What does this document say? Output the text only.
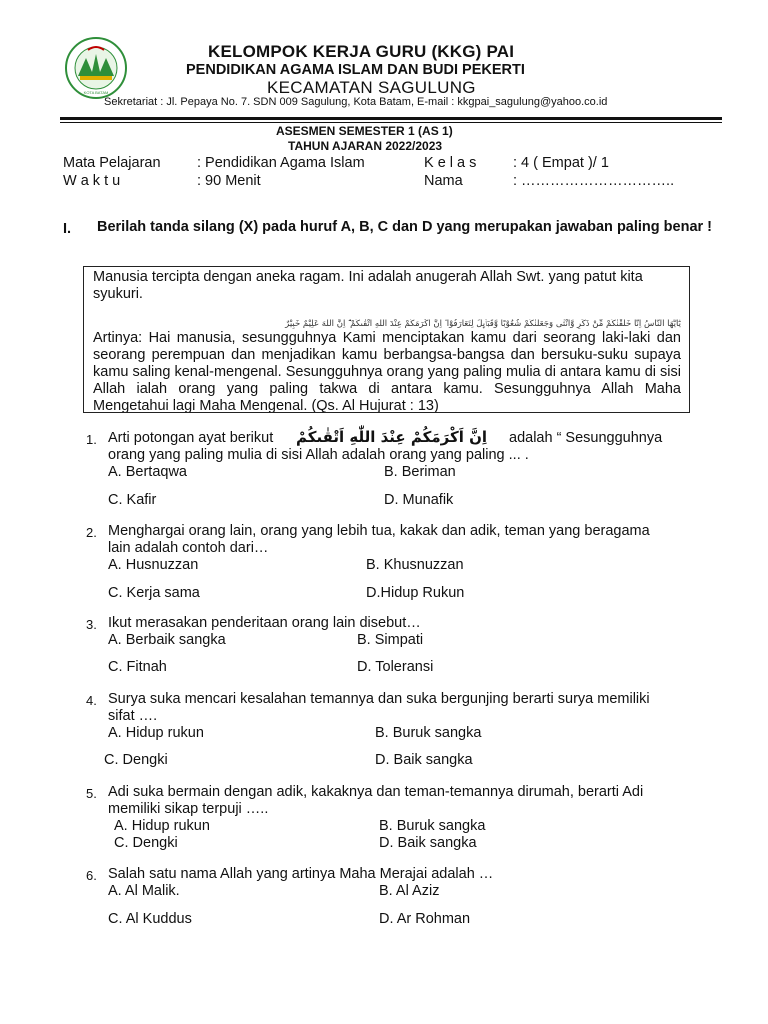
KOTA BATAM
KELOMPOK KERJA GURU (KKG) PAI
PENDIDIKAN AGAMA ISLAM DAN BUDI PEKERTI
KECAMATAN SAGULUNG
Sekretariat : Jl. Pepaya No. 7. SDN 009 Sagulung, Kota Batam, E-mail : kkgpai_sagulung@yahoo.co.id
ASESMEN SEMESTER 1 (AS 1)
TAHUN AJARAN 2022/2023
Mata Pelajaran	: Pendidikan Agama Islam	K e l a s	: 4 ( Empat )/ 1
W a k t u	: 90 Menit	Nama	: …………………………..
I. Berilah tanda silang (X) pada huruf A, B, C dan D yang merupakan jawaban paling benar !
Manusia tercipta dengan aneka ragam. Ini adalah anugerah Allah Swt. yang patut kita syukuri.
يٰٓاَيُّهَا النَّاسُ اِنَّا خَلَقْنٰكُمْ مِّنْ ذَكَرٍ وَّاُنْثٰى وَجَعَلْنٰكُمْ شُعُوْبًا وَّقَبَاۤىِٕلَ لِتَعَارَفُوْا ۚ اِنَّ اَكْرَمَكُمْ عِنْدَ اللّٰهِ اَتْقٰىكُمْ ۗ اِنَّ اللّٰهَ عَلِيْمٌ خَبِيْرٌ
Artinya: Hai manusia, sesungguhnya Kami menciptakan kamu dari seorang laki-laki dan seorang perempuan dan menjadikan kamu berbangsa-bangsa dan bersuku-suku supaya kamu saling kenal-mengenal. Sesungguhnya orang yang paling mulia di antara kamu di sisi Allah ialah orang yang paling takwa di antara kamu. Sesungguhnya Allah Maha Mengetahui lagi Maha Mengenal. (Qs. Al Hujurat : 13)
1. Arti potongan ayat berikut اِنَّ اَكْرَمَكُمْ عِنْدَ اللّٰهِ اَتْقٰىكُمْ adalah “ Sesungguhnya
orang yang paling mulia di sisi Allah adalah orang yang paling ... .
A. Bertaqwa	B. Beriman
C. Kafir	D. Munafik
2. Menghargai orang lain, orang yang lebih tua, kakak dan adik, teman yang beragama
lain adalah contoh dari…
A. Husnuzzan	B. Khusnuzzan
C. Kerja sama	D.Hidup Rukun
3. Ikut merasakan penderitaan orang lain disebut…
A. Berbaik sangka	B. Simpati
C. Fitnah	D. Toleransi
4. Surya suka mencari kesalahan temannya dan suka bergunjing berarti surya memiliki
sifat ….
A. Hidup rukun	B. Buruk sangka
C. Dengki	D. Baik sangka
5. Adi suka bermain dengan adik, kakaknya dan teman-temannya dirumah, berarti Adi
memiliki sikap terpuji …..
A. Hidup rukun	B. Buruk sangka
C. Dengki	D. Baik sangka
6. Salah satu nama Allah yang artinya Maha Merajai adalah …
A. Al Malik.	B. Al Aziz
C. Al Kuddus	D. Ar Rohman
